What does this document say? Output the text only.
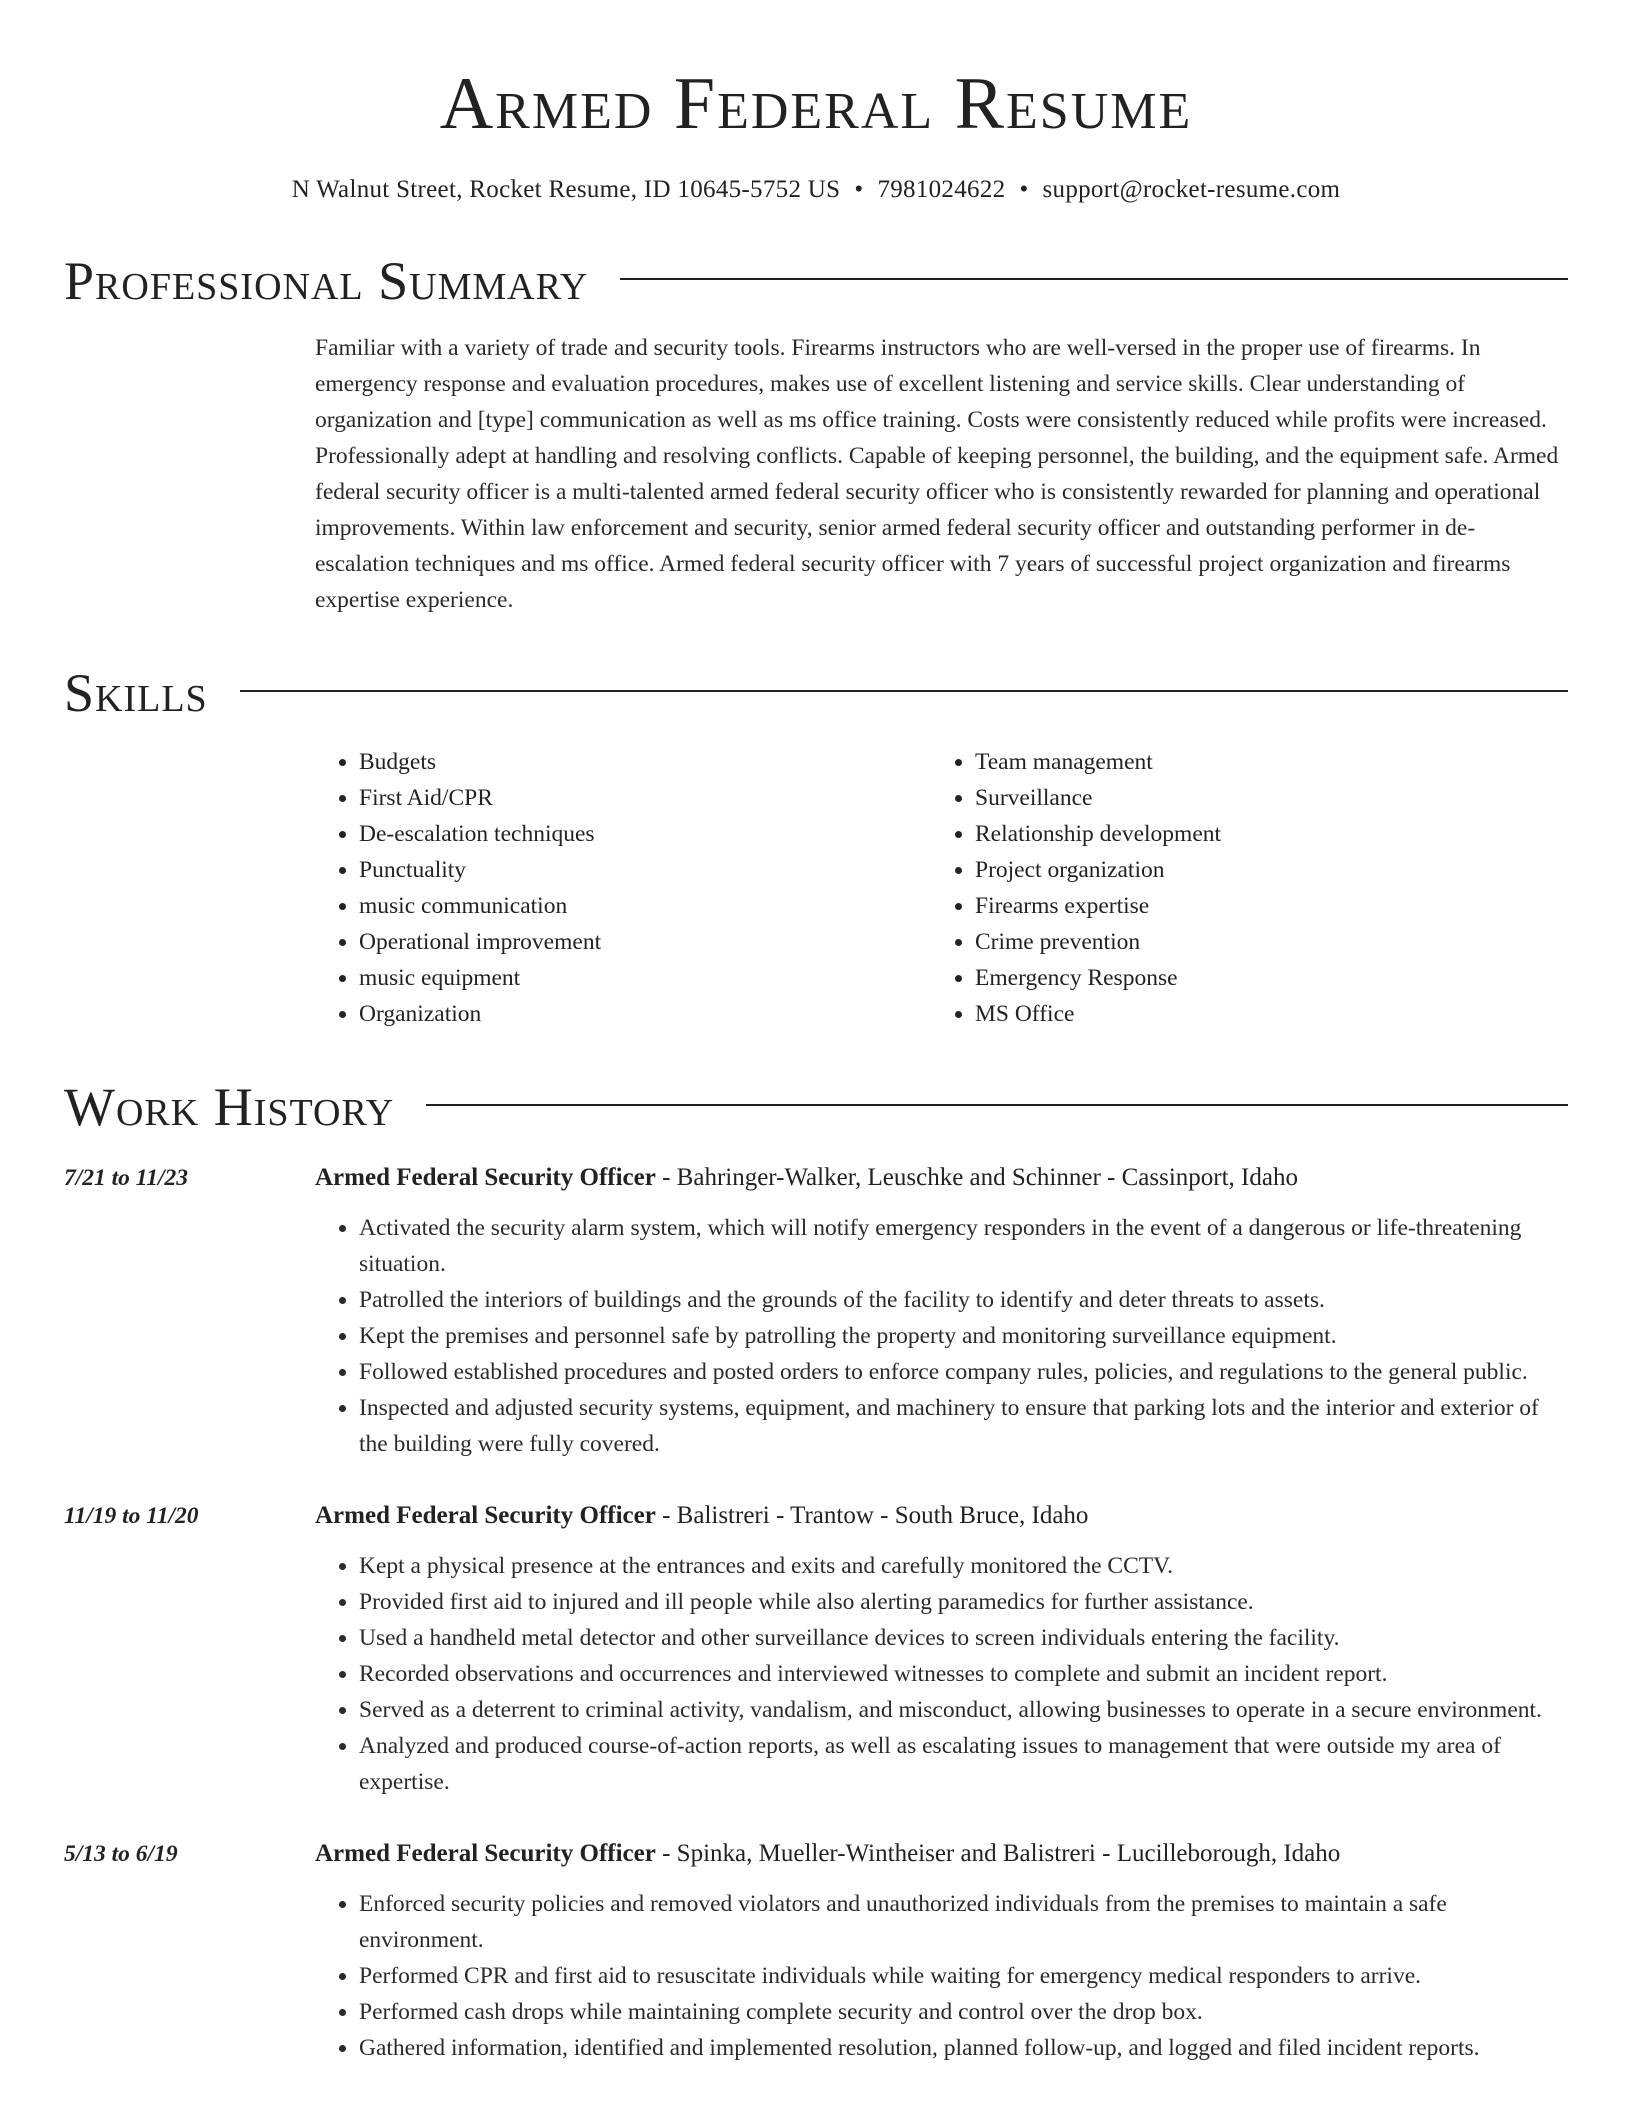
Armed Federal Resume
N Walnut Street, Rocket Resume, ID 10645-5752 US • 7981024622 • support@rocket-resume.com
Professional Summary
Familiar with a variety of trade and security tools. Firearms instructors who are well-versed in the proper use of firearms. In emergency response and evaluation procedures, makes use of excellent listening and service skills. Clear understanding of organization and [type] communication as well as ms office training. Costs were consistently reduced while profits were increased. Professionally adept at handling and resolving conflicts. Capable of keeping personnel, the building, and the equipment safe. Armed federal security officer is a multi-talented armed federal security officer who is consistently rewarded for planning and operational improvements. Within law enforcement and security, senior armed federal security officer and outstanding performer in de-escalation techniques and ms office. Armed federal security officer with 7 years of successful project organization and firearms expertise experience.
Skills
• Budgets
• First Aid/CPR
• De-escalation techniques
• Punctuality
• music communication
• Operational improvement
• music equipment
• Organization
• Team management
• Surveillance
• Relationship development
• Project organization
• Firearms expertise
• Crime prevention
• Emergency Response
• MS Office
Work History
7/21 to 11/23	Armed Federal Security Officer - Bahringer-Walker, Leuschke and Schinner - Cassinport, Idaho
• Activated the security alarm system, which will notify emergency responders in the event of a dangerous or life-threatening situation.
• Patrolled the interiors of buildings and the grounds of the facility to identify and deter threats to assets.
• Kept the premises and personnel safe by patrolling the property and monitoring surveillance equipment.
• Followed established procedures and posted orders to enforce company rules, policies, and regulations to the general public.
• Inspected and adjusted security systems, equipment, and machinery to ensure that parking lots and the interior and exterior of the building were fully covered.
11/19 to 11/20	Armed Federal Security Officer - Balistreri - Trantow - South Bruce, Idaho
• Kept a physical presence at the entrances and exits and carefully monitored the CCTV.
• Provided first aid to injured and ill people while also alerting paramedics for further assistance.
• Used a handheld metal detector and other surveillance devices to screen individuals entering the facility.
• Recorded observations and occurrences and interviewed witnesses to complete and submit an incident report.
• Served as a deterrent to criminal activity, vandalism, and misconduct, allowing businesses to operate in a secure environment.
• Analyzed and produced course-of-action reports, as well as escalating issues to management that were outside my area of expertise.
5/13 to 6/19	Armed Federal Security Officer - Spinka, Mueller-Wintheiser and Balistreri - Lucilleborough, Idaho
• Enforced security policies and removed violators and unauthorized individuals from the premises to maintain a safe environment.
• Performed CPR and first aid to resuscitate individuals while waiting for emergency medical responders to arrive.
• Performed cash drops while maintaining complete security and control over the drop box.
• Gathered information, identified and implemented resolution, planned follow-up, and logged and filed incident reports.
